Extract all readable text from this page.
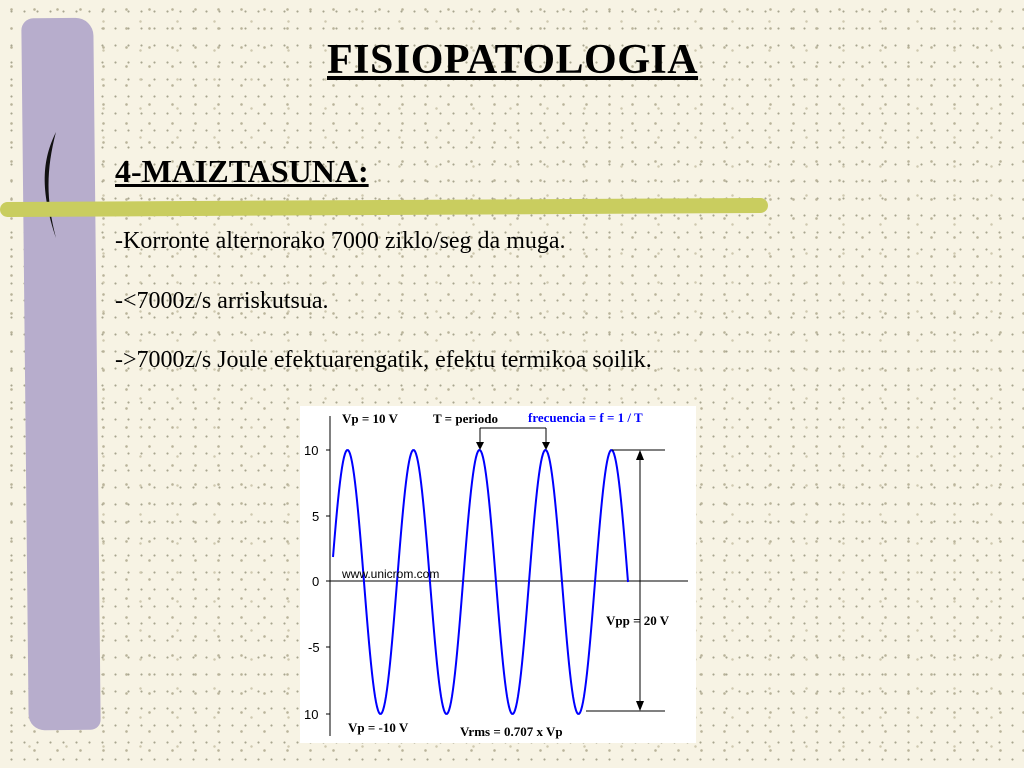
FISIOPATOLOGIA
4-MAIZTASUNA:

-Korronte alternorako 7000 ziklo/seg da muga.

-<7000z/s arriskutsua.

->7000z/s Joule efektuarengatik, efektu termikoa soilik.

10
5
0
-5
10
Vp = 10 V	T = periodo frecuencia = f = 1 / T
Vpp = 20 V
Vp = -10 V	Vrms = 0.707 x Vp
www.unicrom.com
